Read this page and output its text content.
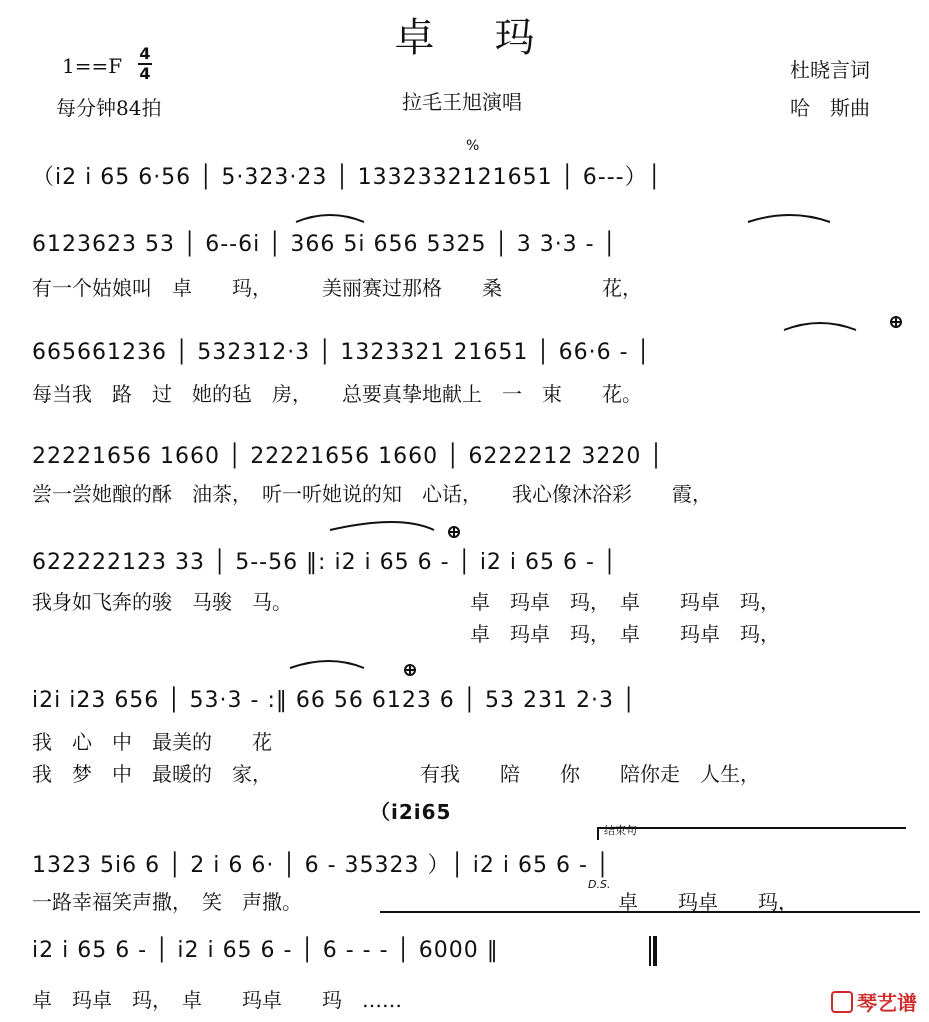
卓玛
1==F
4
4
每分钟84拍	拉毛王旭演唱
杜晓言词
哈　斯曲
（i2 i 65 6·56 │ 5·323·23 │ 1332332121651 │ 6---）│
6123623 53 │ 6--6i │ 366 5i 656 5325 │ 3 3·3 - │
有一个姑娘叫　卓　　玛，　　　美丽赛过那格　　桑　　　　　花，
665661236 │ 532312·3 │ 1323321 21651 │ 66·6 - │
每当我　路　过　她的毡　房，　　总要真挚地献上　一　束　　花。
22221656 1660 │ 22221656 1660 │ 6222212 3220 │
尝一尝她酿的酥　油茶，　听一听她说的知　心话，　　我心像沐浴彩　　霞，
622222123 33 │ 5--56 ‖: i2 i 65 6 - │ i2 i 65 6 - │
我身如飞奔的骏　马骏　马。	卓　玛卓　玛，　卓　　玛卓　玛，
卓　玛卓　玛，　卓　　玛卓　玛，
i2i i23 656 │ 53·3 - :‖ 66 56 6123 6 │ 53 231 2·3 │
我　心　中　最美的　　花
我　梦　中　最暖的　家，	有我　　陪　　你　　陪你走　人生，
（i2i65
结束句
1323 5i6 6 │ 2 i 6 6· │ 6 - 35323 ）│ i2 i 65 6 - │
D.S.
一路幸福笑声撒，　笑　声撒。	卓　　玛卓　　玛，
i2 i 65 6 - │ i2 i 65 6 - │ 6 - - - │ 6000 ‖
卓　玛卓　玛，　卓　　玛卓　　玛　……
%
琴艺谱
